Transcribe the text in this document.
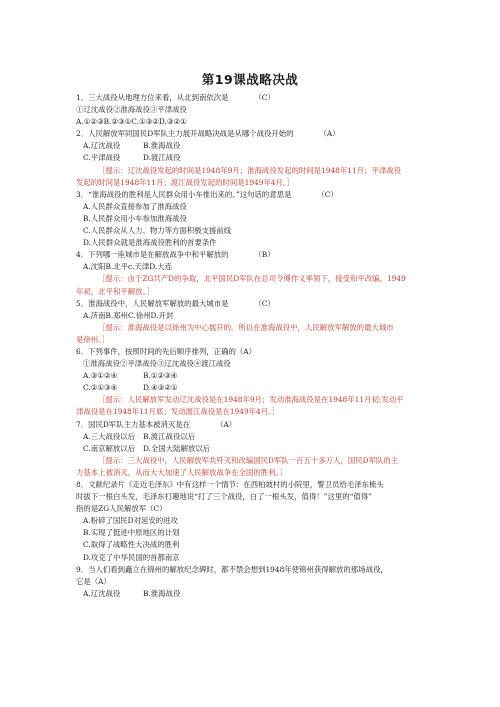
第19课战略决战
1．三大战役从地理方位来看，从北到南依次是　　　　（C）
①辽沈战役②淮海战役③平津战役
A.①②③B.②③①C.①③②D.③②①
2．人民解放军同国民D军队主力展开战略决战是从哪个战役开始的　　　　（A）
A.辽沈战役	B.淮海战役
C.平津战役	D.渡江战役
［提示：辽沈战役发起的时间是1948年9月；淮海战役发起的时间是1948年11月；平津战役
发起的时间是1948年11月；渡江战役发起的时间是1949年4月。］
3．“淮海战役的胜利是人民群众用小车推出来的。”这句话的意思是　　　　（C）
A.人民群众直接参加了淮海战役
B.人民群众用小车参加淮海战役
C.人民群众从人力、物力等方面积极支援前线
D.人民群众就是淮海战役胜利的首要条件
4．下列哪一座城市是在解放战争中和平解放的　　　　（B）
A.沈阳B.北平c.天津D.大连
［提示：由于ZG共产D的争取，北平国民D军队在总司令傅作义率领下，接受和平改编。1949
年初，北平和平解放。］
5．淮海战役中，人民解放军解放的最大城市是　　　　（C）
A.济南B.郑州C.徐州D.开封
［提示：淮海战役是以徐州为中心展开的。所以在淮海战役中，人民解放军解放的最大城市
是徐州。］
6．下列事件，按照时间的先后顺序排列，正确的（A）
①淮海战役②平津战役③辽沈战役④渡江战役
A.③①②④	B.①②③④
C.②①③④	D.④③②①
［提示：人民解放军发动辽沈战役是在1948年9月；发动淮海战役是在1948年11月初;发动平
津战役是在1948年11月底；发动渡江战役是在1949年4月。］
7．国民D军队主力基本被消灭是在　　　　（A）
A.三大战役以后 B.渡江战役以后
C.南京解放以后 D.全国大陆解放以后
［提示：三大战役中，人民解放军共歼灭和改编国民D军队一百五十多万人，国民D军队的主
力基本上被消灭，从而大大加速了人民解放战争在全国的胜利。］
8．文献纪录片《走近毛泽东》中有这样一个情节：在西柏坡村的小院里，警卫员给毛泽东梳头
时拔下一根白头发，毛泽东打趣地说“打了三个战役，白了一根头发，值得！”这里的“值得”
指的是ZG人民解放军（C）
A.粉碎了国民D对延安的进攻
B.实现了挺进中原地区的计划
C.取得了战略性大决战的胜利
D.攻克了中华民国的首都南京
9．当人们看到矗立在锦州的解放纪念碑时，都不禁会想到1948年使锦州获得解放的那场战役，
它是（A）
A.辽沈战役	B.淮海战役
